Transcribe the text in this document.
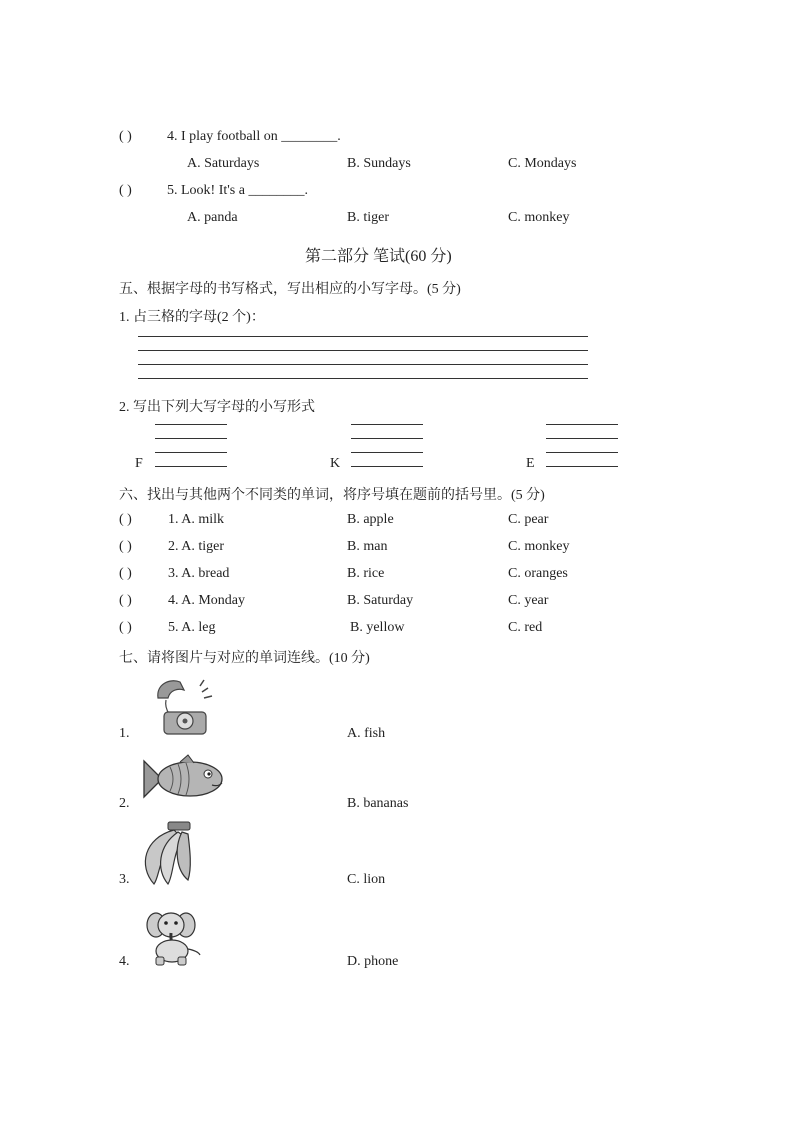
( )	4. I play football on ________.
A. Saturdays	B. Sundays	C. Mondays
( )	5. Look! It's a ________.
A. panda	B. tiger	C. monkey
第二部分 笔试(60 分)
五、根据字母的书写格式，写出相应的小写字母。(5 分)
1. 占三格的字母(2 个)：
2. 写出下列大写字母的小写形式
F	K	E
六、找出与其他两个不同类的单词，将序号填在题前的括号里。(5 分)
( )	1. A. milk	B. apple	C. pear
( )	2. A. tiger	B. man	C. monkey
( )	3. A. bread	B. rice	C. oranges
( )	4. A. Monday	B. Saturday	C. year
( )	5. A. leg	B. yellow	C. red
七、请将图片与对应的单词连线。(10 分)
1.	A. fish
2.	B. bananas
3.	C. lion
4.	D. phone
